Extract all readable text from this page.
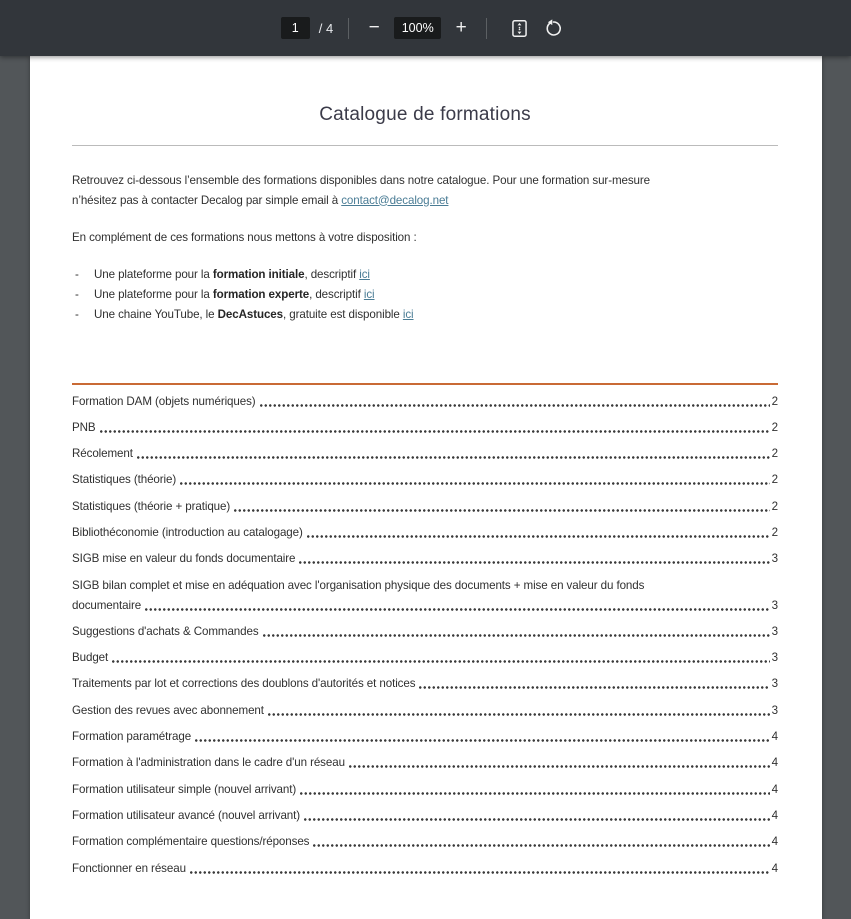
1
/ 4 −	100%	+
Catalogue de formations

Retrouvez ci-dessous l’ensemble des formations disponibles dans notre catalogue. Pour une formation sur-mesure
n’hésitez pas à contacter Decalog par simple email à contact@decalog.net

En complément de ces formations nous mettons à votre disposition :

-	Une plateforme pour la formation initiale, descriptif ici
-	Une plateforme pour la formation experte, descriptif ici
-	Une chaine YouTube, le DecAstuces, gratuite est disponible ici
Formation DAM (objets numériques)	2
PNB	2
Récolement	2
Statistiques (théorie)	2
Statistiques (théorie + pratique)	2
Bibliothéconomie (introduction au catalogage)	2
SIGB mise en valeur du fonds documentaire	3
SIGB bilan complet et mise en adéquation avec l'organisation physique des documents + mise en valeur du fonds
documentaire	3
Suggestions d'achats & Commandes	3
Budget	3
Traitements par lot et corrections des doublons d'autorités et notices	3
Gestion des revues avec abonnement	3
Formation paramétrage	4
Formation à l'administration dans le cadre d'un réseau	4
Formation utilisateur simple (nouvel arrivant)	4
Formation utilisateur avancé (nouvel arrivant)	4
Formation complémentaire questions/réponses	4
Fonctionner en réseau	4
